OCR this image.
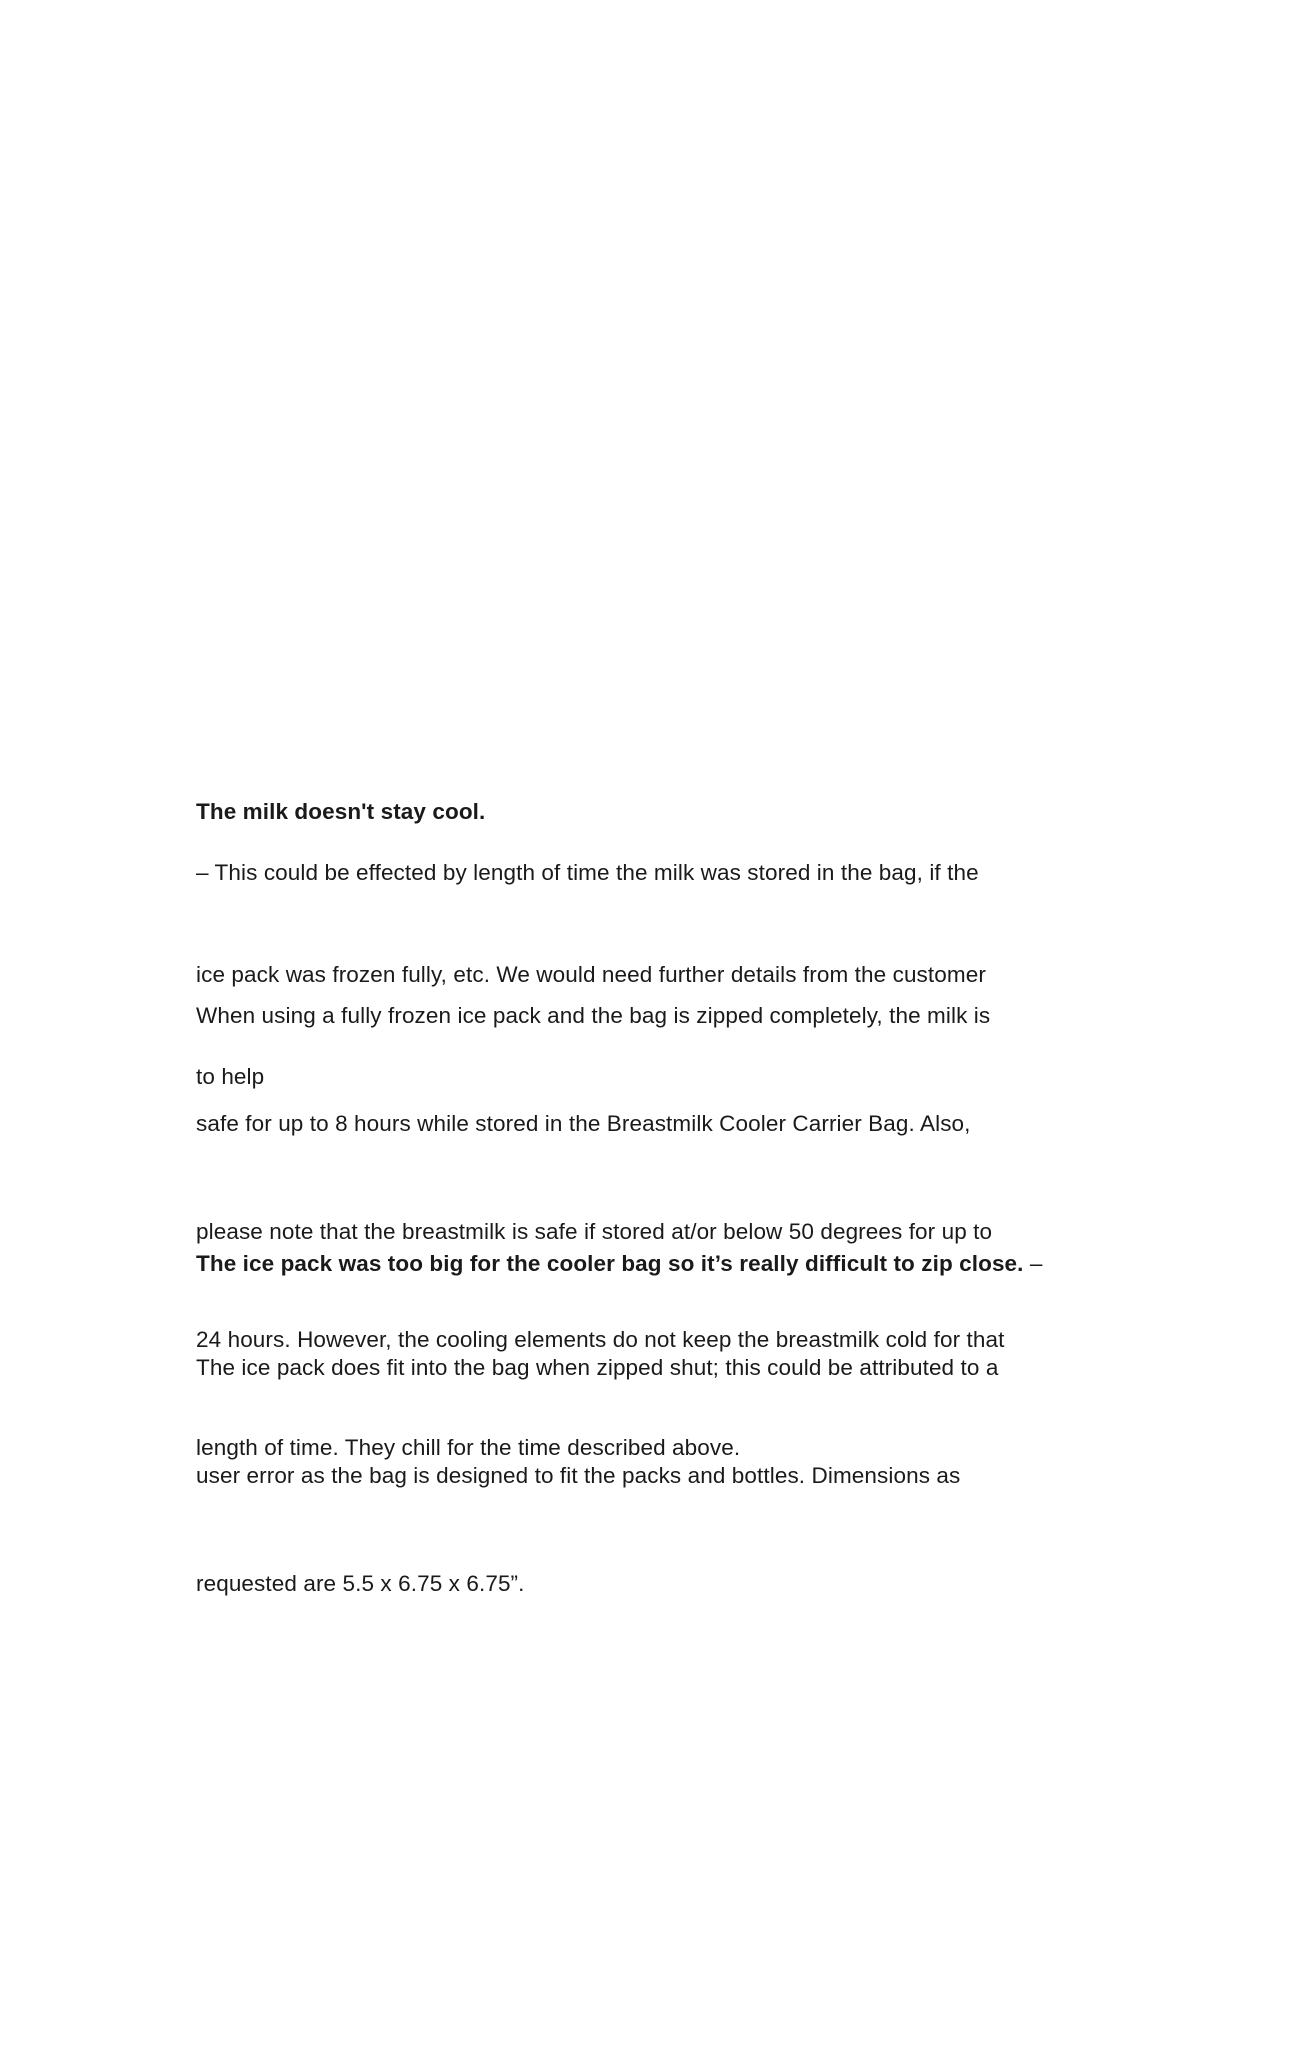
The milk doesn't stay cool.

– This could be effected by length of time the milk was stored in the bag, if the

ice pack was frozen fully, etc. We would need further details from the customer

to help

When using a fully frozen ice pack and the bag is zipped completely, the milk is

safe for up to 8 hours while stored in the Breastmilk Cooler Carrier Bag. Also,

please note that the breastmilk is safe if stored at/or below 50 degrees for up to

24 hours. However, the cooling elements do not keep the breastmilk cold for that

length of time. They chill for the time described above.

The ice pack was too big for the cooler bag so it’s really difficult to zip close. –

The ice pack does fit into the bag when zipped shut; this could be attributed to a

user error as the bag is designed to fit the packs and bottles. Dimensions as

requested are 5.5 x 6.75 x 6.75”.
